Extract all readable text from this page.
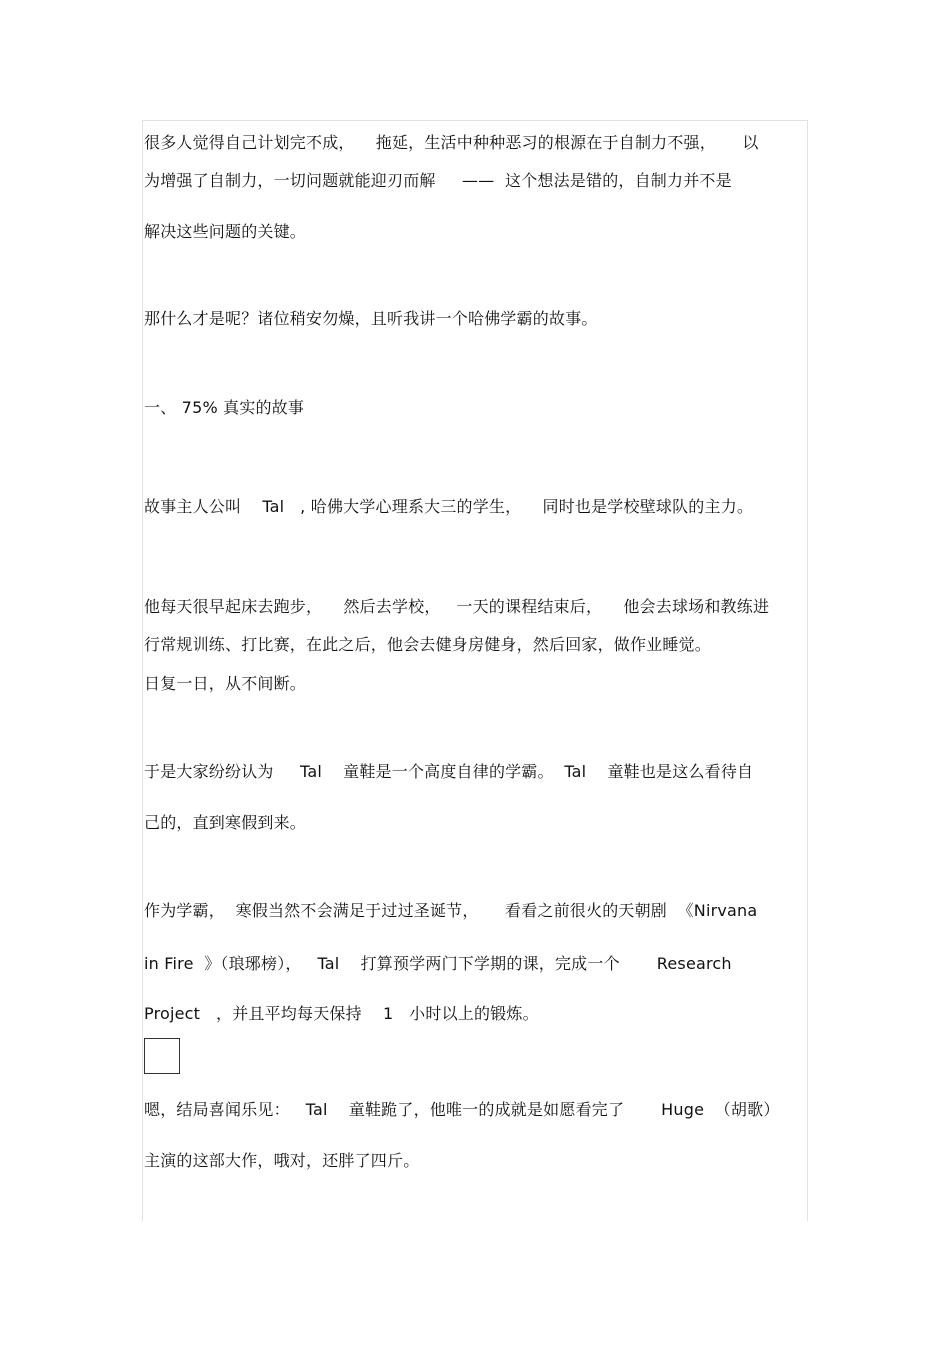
很多人觉得自己计划完不成，    拖延，生活中种种恶习的根源在于自制力不强，     以
为增强了自制力，一切问题就能迎刃而解     ——  这个想法是错的，自制力并不是
解决这些问题的关键。
那什么才是呢？诸位稍安勿燥，且听我讲一个哈佛学霸的故事。
一、 75% 真实的故事
故事主人公叫    Tal   , 哈佛大学心理系大三的学生，    同时也是学校壁球队的主力。
他每天很早起床去跑步，    然后去学校，   一天的课程结束后，    他会去球场和教练进
行常规训练、打比赛，在此之后，他会去健身房健身，然后回家，做作业睡觉。
日复一日，从不间断。
于是大家纷纷认为     Tal    童鞋是一个高度自律的学霸。  Tal    童鞋也是这么看待自
己的，直到寒假到来。
作为学霸，  寒假当然不会满足于过过圣诞节，     看看之前很火的天朝剧  《Nirvana
in Fire  》（琅琊榜），   Tal    打算预学两门下学期的课，完成一个       Research
Project   ，并且平均每天保持    1   小时以上的锻炼。
嗯，结局喜闻乐见：   Tal    童鞋跪了，他唯一的成就是如愿看完了       Huge  （胡歌）
主演的这部大作，哦对，还胖了四斤。
